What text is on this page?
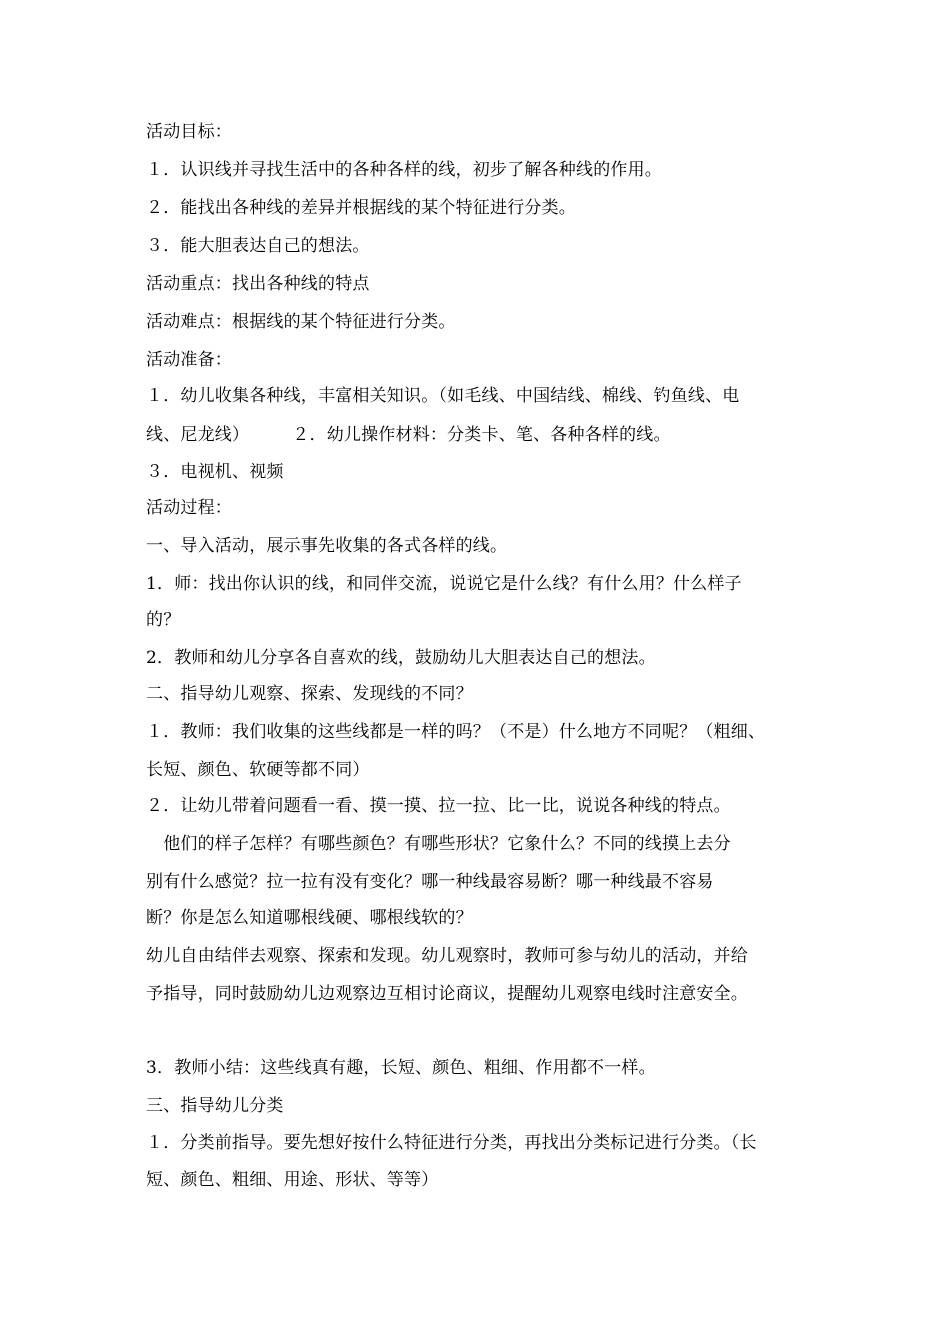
活动目标：
１．认识线并寻找生活中的各种各样的线，初步了解各种线的作用。
２．能找出各种线的差异并根据线的某个特征进行分类。
３．能大胆表达自己的想法。
活动重点：找出各种线的特点
活动难点：根据线的某个特征进行分类。
活动准备：
１．幼儿收集各种线，丰富相关知识。（如毛线、中国结线、棉线、钓鱼线、电
线、尼龙线）　　　２．幼儿操作材料：分类卡、笔、各种各样的线。
３．电视机、视频
活动过程：
一、导入活动，展示事先收集的各式各样的线。
1．师：找出你认识的线，和同伴交流，说说它是什么线？有什么用？什么样子
的？
2．教师和幼儿分享各自喜欢的线，鼓励幼儿大胆表达自己的想法。
二、指导幼儿观察、探索、发现线的不同？
１．教师：我们收集的这些线都是一样的吗？（不是）什么地方不同呢？（粗细、
长短、颜色、软硬等都不同）
２．让幼儿带着问题看一看、摸一摸、拉一拉、比一比，说说各种线的特点。
　他们的样子怎样？有哪些颜色？有哪些形状？它象什么？不同的线摸上去分
别有什么感觉？拉一拉有没有变化？哪一种线最容易断？哪一种线最不容易
断？你是怎么知道哪根线硬、哪根线软的？
幼儿自由结伴去观察、探索和发现。幼儿观察时，教师可参与幼儿的活动，并给
予指导，同时鼓励幼儿边观察边互相讨论商议，提醒幼儿观察电线时注意安全。
3．教师小结：这些线真有趣，长短、颜色、粗细、作用都不一样。
三、指导幼儿分类
１．分类前指导。要先想好按什么特征进行分类，再找出分类标记进行分类。（长
短、颜色、粗细、用途、形状、等等）
